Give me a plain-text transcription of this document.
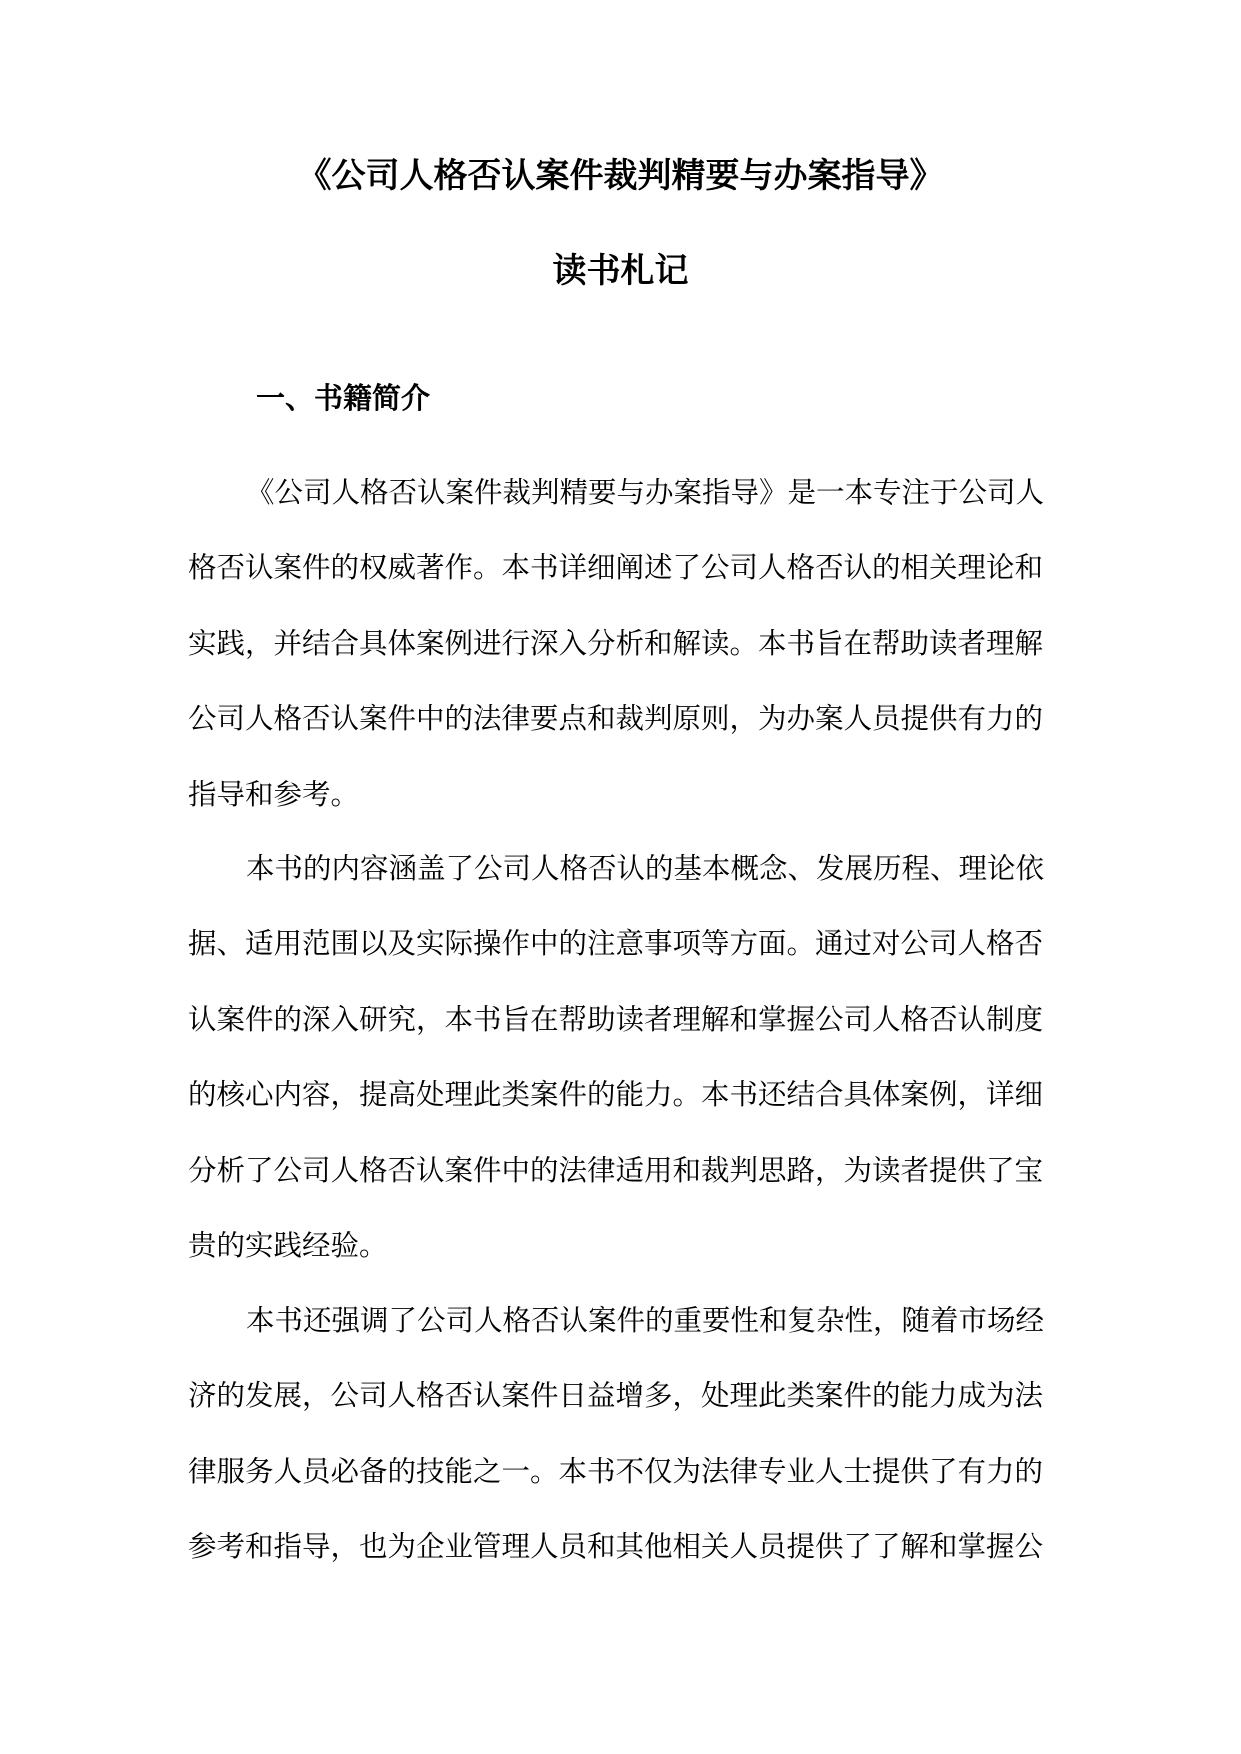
《公司人格否认案件裁判精要与办案指导》
读书札记
一、书籍简介
《公司人格否认案件裁判精要与办案指导》是一本专注于公司人
格否认案件的权威著作。本书详细阐述了公司人格否认的相关理论和
实践，并结合具体案例进行深入分析和解读。本书旨在帮助读者理解
公司人格否认案件中的法律要点和裁判原则，为办案人员提供有力的
指导和参考。
本书的内容涵盖了公司人格否认的基本概念、发展历程、理论依
据、适用范围以及实际操作中的注意事项等方面。通过对公司人格否
认案件的深入研究，本书旨在帮助读者理解和掌握公司人格否认制度
的核心内容，提高处理此类案件的能力。本书还结合具体案例，详细
分析了公司人格否认案件中的法律适用和裁判思路，为读者提供了宝
贵的实践经验。
本书还强调了公司人格否认案件的重要性和复杂性，随着市场经
济的发展，公司人格否认案件日益增多，处理此类案件的能力成为法
律服务人员必备的技能之一。本书不仅为法律专业人士提供了有力的
参考和指导，也为企业管理人员和其他相关人员提供了了解和掌握公
